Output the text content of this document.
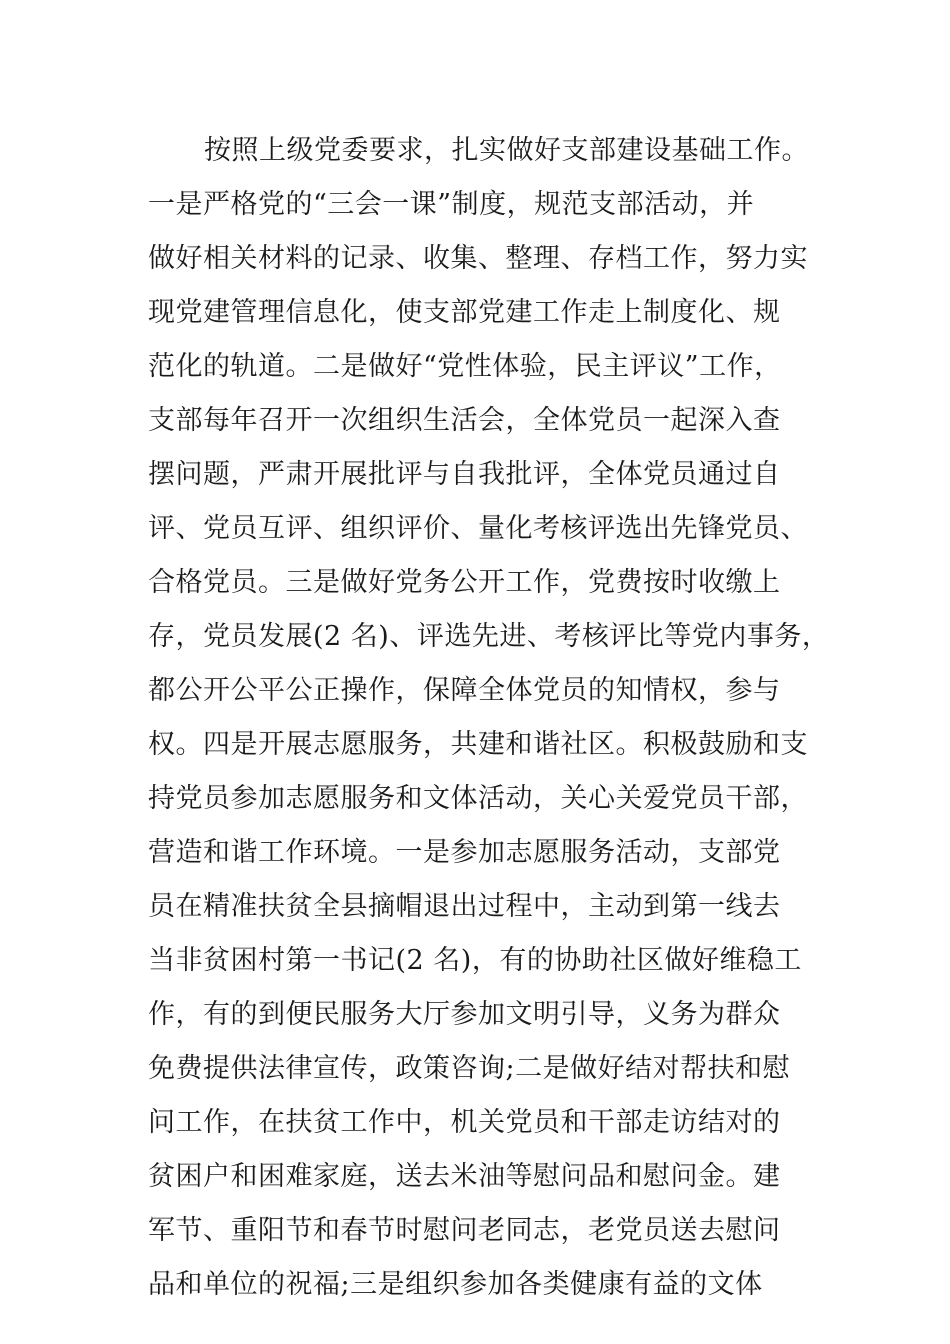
按照上级党委要求，扎实做好支部建设基础工作。
一是严格党的“三会一课”制度，规范支部活动，并
做好相关材料的记录、收集、整理、存档工作，努力实
现党建管理信息化，使支部党建工作走上制度化、规
范化的轨道。二是做好“党性体验，民主评议”工作，
支部每年召开一次组织生活会，全体党员一起深入查
摆问题，严肃开展批评与自我批评，全体党员通过自
评、党员互评、组织评价、量化考核评选出先锋党员、
合格党员。三是做好党务公开工作，党费按时收缴上
存，党员发展(2 名)、评选先进、考核评比等党内事务，
都公开公平公正操作，保障全体党员的知情权，参与
权。四是开展志愿服务，共建和谐社区。积极鼓励和支
持党员参加志愿服务和文体活动，关心关爱党员干部，
营造和谐工作环境。一是参加志愿服务活动，支部党
员在精准扶贫全县摘帽退出过程中，主动到第一线去
当非贫困村第一书记(2 名)，有的协助社区做好维稳工
作，有的到便民服务大厅参加文明引导，义务为群众
免费提供法律宣传，政策咨询;二是做好结对帮扶和慰
问工作，在扶贫工作中，机关党员和干部走访结对的
贫困户和困难家庭，送去米油等慰问品和慰问金。建
军节、重阳节和春节时慰问老同志，老党员送去慰问
品和单位的祝福;三是组织参加各类健康有益的文体
